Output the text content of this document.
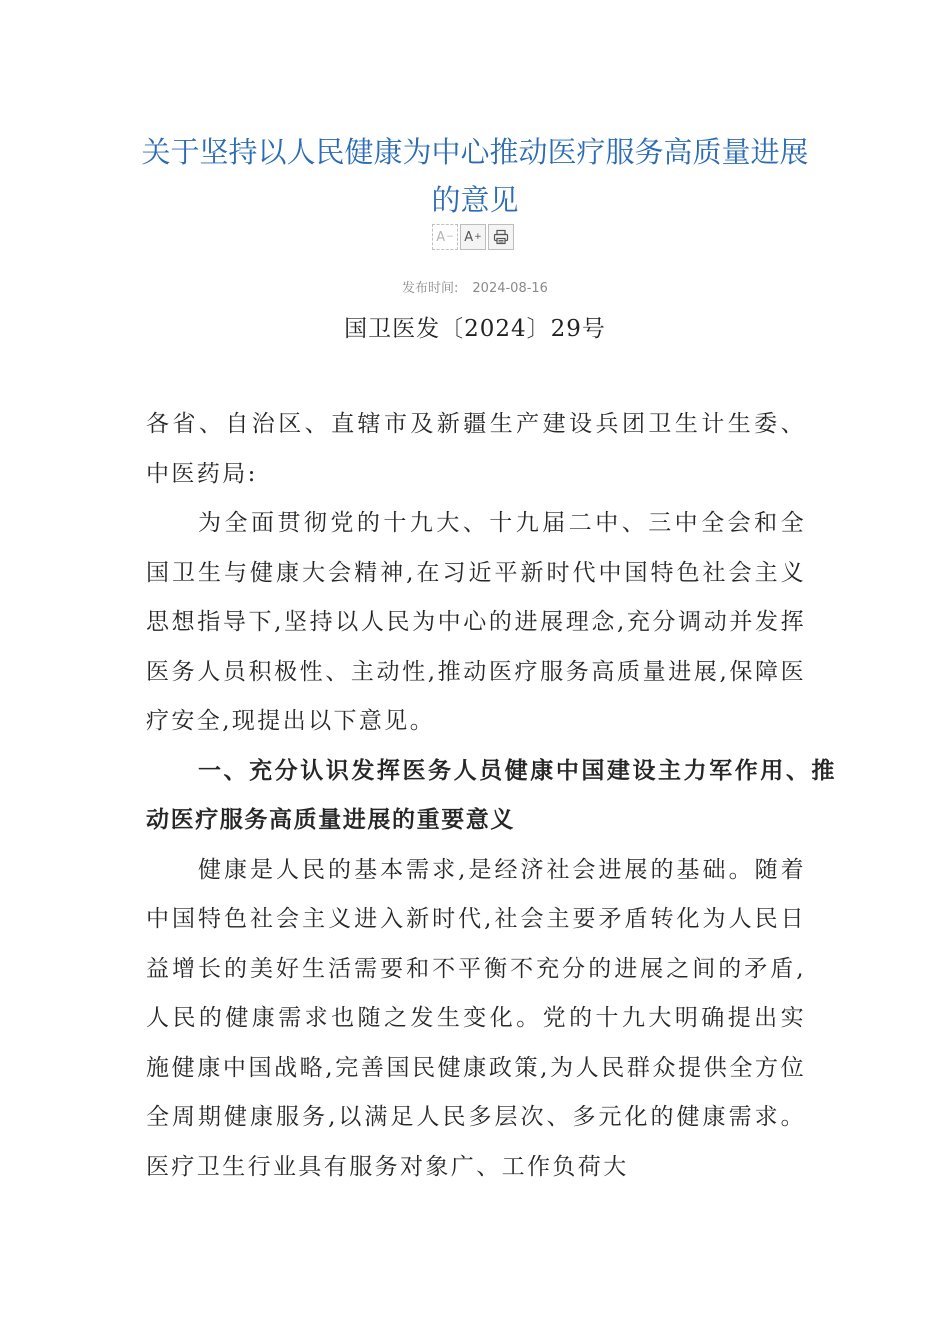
关于坚持以人民健康为中心推动医疗服务高质量进展
的意见
A − A +
发布时间: 2024-08-16
国卫医发〔2024〕29号

各省、自治区、直辖市及新疆生产建设兵团卫生计生委、中医药局:

为全面贯彻党的十九大、十九届二中、三中全会和全国卫生与健康大会精神,在习近平新时代中国特色社会主义思想指导下,坚持以人民为中心的进展理念,充分调动并发挥医务人员积极性、主动性,推动医疗服务高质量进展,保障医疗安全,现提出以下意见。

一、充分认识发挥医务人员健康中国建设主力军作用、推动医疗服务高质量进展的重要意义

健康是人民的基本需求,是经济社会进展的基础。随着中国特色社会主义进入新时代,社会主要矛盾转化为人民日益增长的美好生活需要和不平衡不充分的进展之间的矛盾,人民的健康需求也随之发生变化。党的十九大明确提出实施健康中国战略,完善国民健康政策,为人民群众提供全方位全周期健康服务,以满足人民多层次、多元化的健康需求。医疗卫生行业具有服务对象广、工作负荷大
